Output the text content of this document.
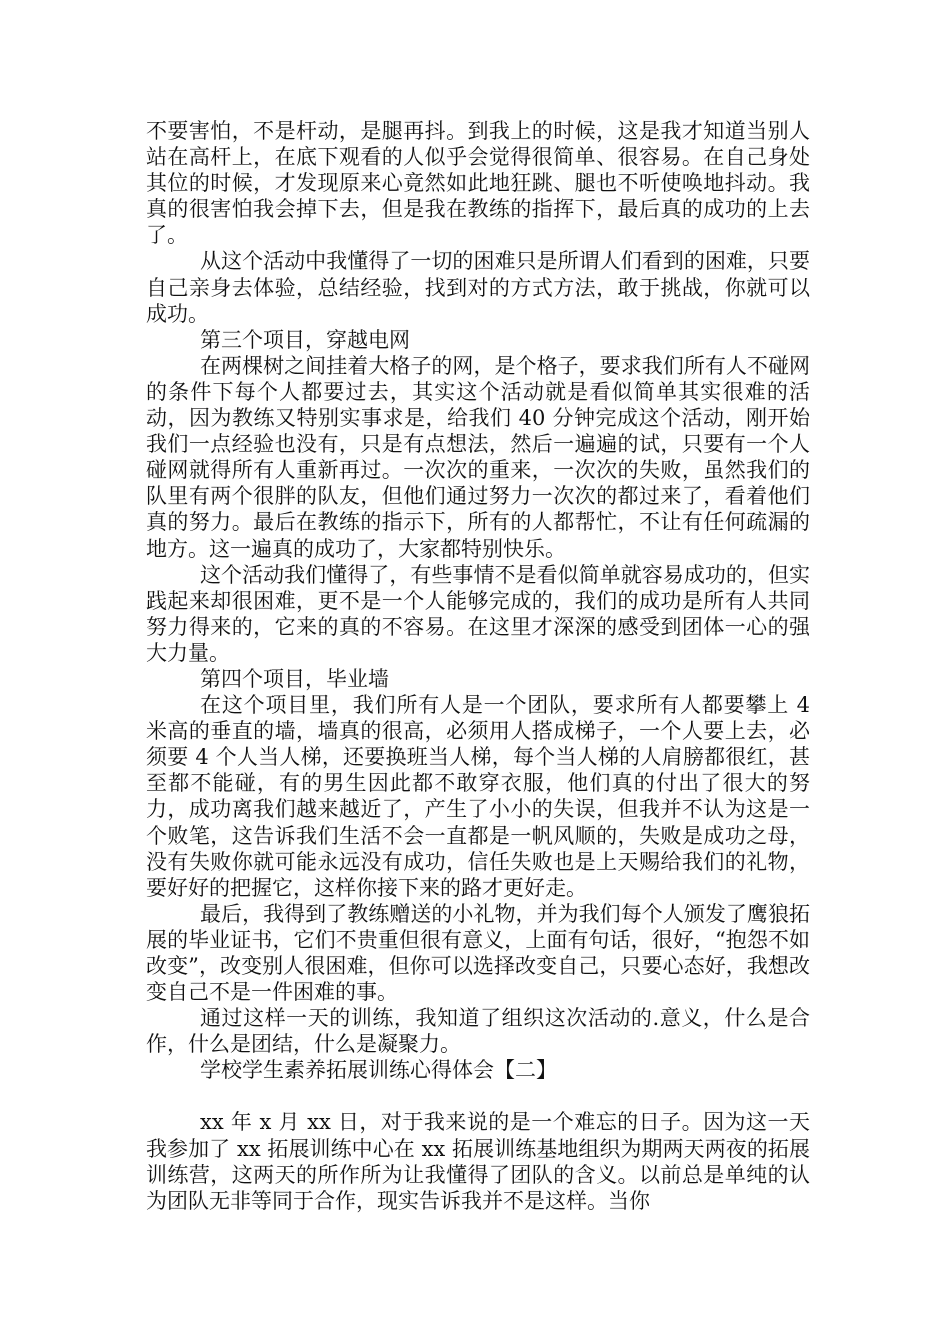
不要害怕，不是杆动，是腿再抖。到我上的时候，这是我才知道当别人站在高杆上，在底下观看的人似乎会觉得很简单、很容易。在自己身处其位的时候，才发现原来心竟然如此地狂跳、腿也不听使唤地抖动。我真的很害怕我会掉下去，但是我在教练的指挥下，最后真的成功的上去了。

从这个活动中我懂得了一切的困难只是所谓人们看到的困难，只要自己亲身去体验，总结经验，找到对的方式方法，敢于挑战，你就可以成功。

第三个项目，穿越电网

在两棵树之间挂着大格子的网，是个格子，要求我们所有人不碰网的条件下每个人都要过去，其实这个活动就是看似简单其实很难的活动，因为教练又特别实事求是，给我们 40 分钟完成这个活动，刚开始我们一点经验也没有，只是有点想法，然后一遍遍的试，只要有一个人碰网就得所有人重新再过。一次次的重来，一次次的失败，虽然我们的队里有两个很胖的队友，但他们通过努力一次次的都过来了，看着他们真的努力。最后在教练的指示下，所有的人都帮忙，不让有任何疏漏的地方。这一遍真的成功了，大家都特别快乐。

这个活动我们懂得了，有些事情不是看似简单就容易成功的，但实践起来却很困难，更不是一个人能够完成的，我们的成功是所有人共同努力得来的，它来的真的不容易。在这里才深深的感受到团体一心的强大力量。

第四个项目，毕业墙

在这个项目里，我们所有人是一个团队，要求所有人都要攀上 4 米高的垂直的墙，墙真的很高，必须用人搭成梯子，一个人要上去，必须要 4 个人当人梯，还要换班当人梯，每个当人梯的人肩膀都很红，甚至都不能碰，有的男生因此都不敢穿衣服，他们真的付出了很大的努力，成功离我们越来越近了，产生了小小的失误，但我并不认为这是一个败笔，这告诉我们生活不会一直都是一帆风顺的，失败是成功之母，没有失败你就可能永远没有成功，信任失败也是上天赐给我们的礼物，要好好的把握它，这样你接下来的路才更好走。

最后，我得到了教练赠送的小礼物，并为我们每个人颁发了鹰狼拓展的毕业证书，它们不贵重但很有意义，上面有句话，很好，“抱怨不如改变”，改变别人很困难，但你可以选择改变自己，只要心态好，我想改变自己不是一件困难的事。

通过这样一天的训练，我知道了组织这次活动的.意义，什么是合作，什么是团结，什么是凝聚力。

学校学生素养拓展训练心得体会【二】

xx 年 x 月 xx 日，对于我来说的是一个难忘的日子。因为这一天我参加了 xx 拓展训练中心在 xx 拓展训练基地组织为期两天两夜的拓展训练营，这两天的所作所为让我懂得了团队的含义。以前总是单纯的认为团队无非等同于合作，现实告诉我并不是这样。当你
